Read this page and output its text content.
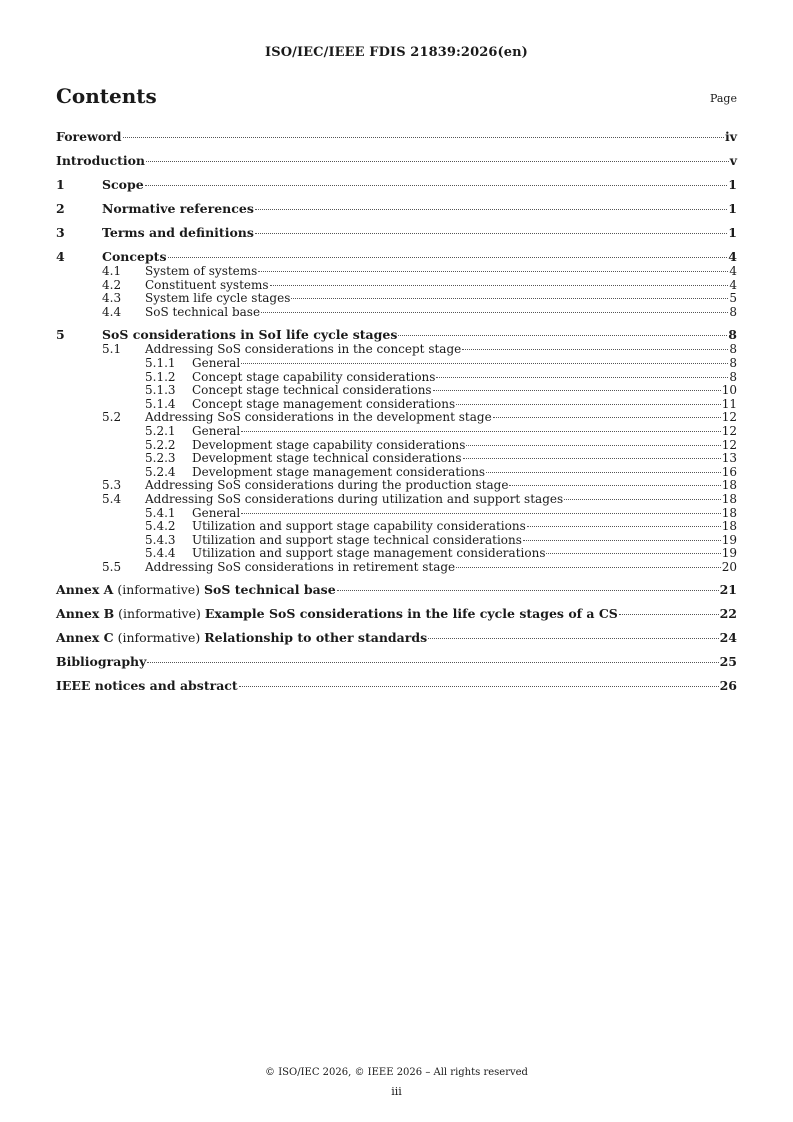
ISO/IEC/IEEE FDIS 21839:2026(en)
Contents	Page
Foreword	iv
Introduction	v
1	Scope	1
2	Normative references	1
3	Terms and definitions	1
4	Concepts	4
4.1	System of systems	4
4.2	Constituent systems	4
4.3	System life cycle stages	5
4.4	SoS technical base	8
5	SoS considerations in SoI life cycle stages	8
5.1	Addressing SoS considerations in the concept stage	8
5.1.1	General	8
5.1.2	Concept stage capability considerations	8
5.1.3	Concept stage technical considerations	10
5.1.4	Concept stage management considerations	11
5.2	Addressing SoS considerations in the development stage	12
5.2.1	General	12
5.2.2	Development stage capability considerations	12
5.2.3	Development stage technical considerations	13
5.2.4	Development stage management considerations	16
5.3	Addressing SoS considerations during the production stage	18
5.4	Addressing SoS considerations during utilization and support stages	18
5.4.1	General	18
5.4.2	Utilization and support stage capability considerations	18
5.4.3	Utilization and support stage technical considerations	19
5.4.4	Utilization and support stage management considerations	19
5.5	Addressing SoS considerations in retirement stage	20
Annex A (informative) SoS technical base	21
Annex B (informative) Example SoS considerations in the life cycle stages of a CS	22
Annex C (informative) Relationship to other standards	24
Bibliography	25
IEEE notices and abstract	26
© ISO/IEC 2026, © IEEE 2026 – All rights reserved
iii
